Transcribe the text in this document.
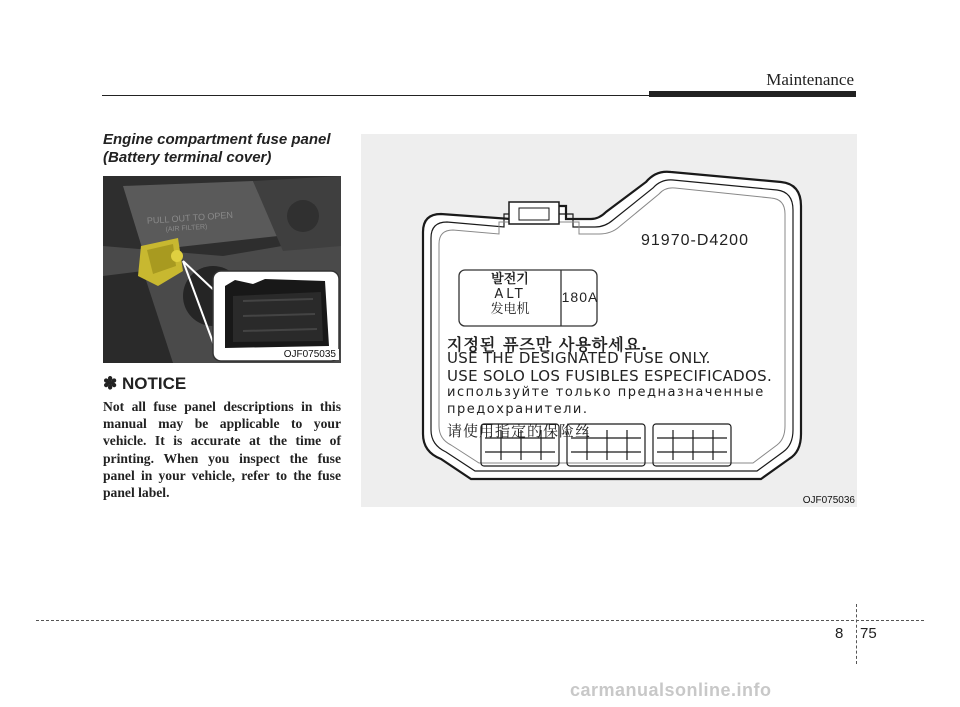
Maintenance
Engine compartment fuse panel
(Battery terminal cover)
PULL OUT TO OPEN
(AIR FILTER)
OJF075035
✽ NOTICE
Not all fuse panel descriptions in this manual may be applicable to your vehicle. It is accurate at the time of printing. When you inspect the fuse panel in your vehicle, refer to the fuse panel label.
91970-D4200
발전기
ALT
发电机
180A
지정된 퓨즈만 사용하세요.
USE THE DESIGNATED FUSE ONLY.
USE SOLO LOS FUSIBLES ESPECIFICADOS.
используйте только предназначенные
предохранители.
请使用指定的保险丝
OJF075036
8 75
carmanualsonline.info
